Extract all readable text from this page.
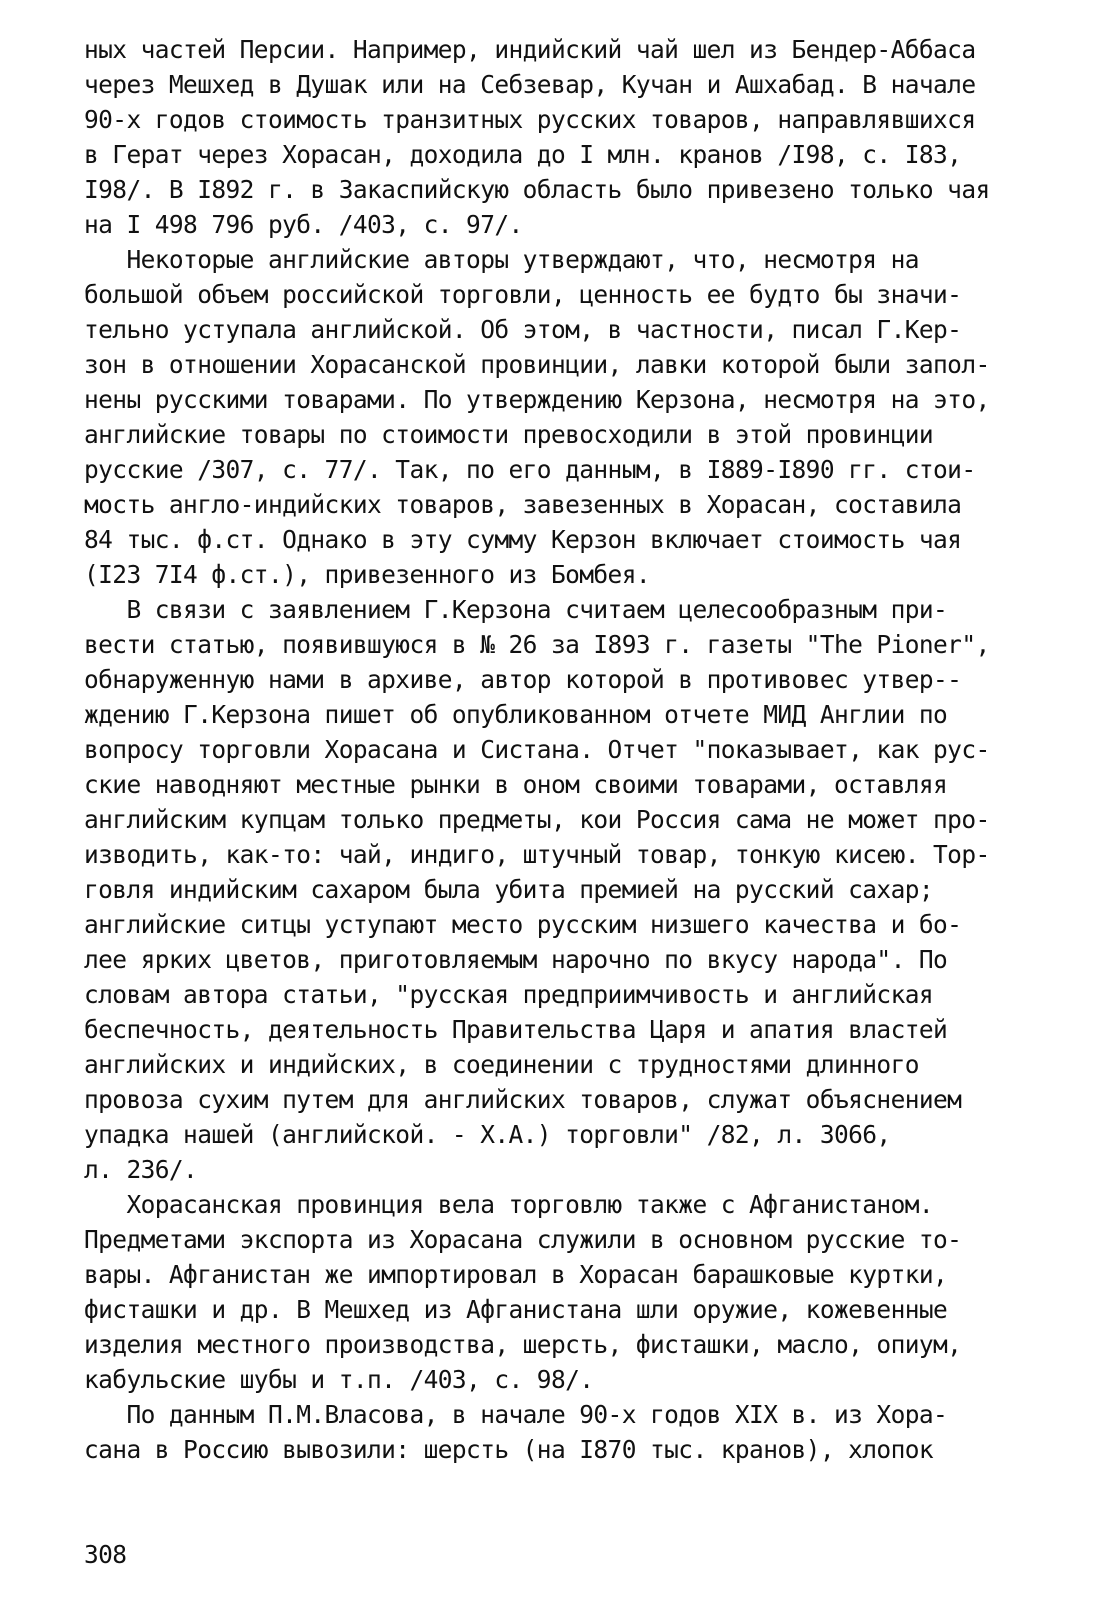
ных частей Персии. Например, индийский чай шел из Бендер-Аббаса
через Мешхед в Душак или на Себзевар, Кучан и Ашхабад. В начале
90-х годов стоимость транзитных русских товаров, направлявшихся
в Герат через Хорасан, доходила до I млн. кранов /I98, с. I83,
I98/. В I892 г. в Закаспийскую область было привезено только чая
на I 498 796 руб. /403, с. 97/.
Некоторые английские авторы утверждают, что, несмотря на
большой объем российской торговли, ценность ее будто бы значи-
тельно уступала английской. Об этом, в частности, писал Г.Кер-
зон в отношении Хорасанской провинции, лавки которой были запол-
нены русскими товарами. По утверждению Керзона, несмотря на это,
английские товары по стоимости превосходили в этой провинции
русские /307, с. 77/. Так, по его данным, в I889-I890 гг. стои-
мость англо-индийских товаров, завезенных в Хорасан, составила
84 тыс. ф.ст. Однако в эту сумму Керзон включает стоимость чая
(I23 7I4 ф.ст.), привезенного из Бомбея.
В связи с заявлением Г.Керзона считаем целесообразным при-
вести статью, появившуюся в № 26 за I893 г. газеты "The Pioner",
обнаруженную нами в архиве, автор которой в противовес утвер--
ждению Г.Керзона пишет об опубликованном отчете МИД Англии по
вопросу торговли Хорасана и Систана. Отчет "показывает, как рус-
ские наводняют местные рынки в оном своими товарами, оставляя
английским купцам только предметы, кои Россия сама не может про-
изводить, как-то: чай, индиго, штучный товар, тонкую кисею. Тор-
говля индийским сахаром была убита премией на русский сахар;
английские ситцы уступают место русским низшего качества и бо-
лее ярких цветов, приготовляемым нарочно по вкусу народа". По
словам автора статьи, "русская предприимчивость и английская
беспечность, деятельность Правительства Царя и апатия властей
английских и индийских, в соединении с трудностями длинного
провоза сухим путем для английских товаров, служат объяснением
упадка нашей (английской. - Х.А.) торговли" /82, л. 3066,
л. 236/.
Хорасанская провинция вела торговлю также с Афганистаном.
Предметами экспорта из Хорасана служили в основном русские то-
вары. Афганистан же импортировал в Хорасан барашковые куртки,
фисташки и др. В Мешхед из Афганистана шли оружие, кожевенные
изделия местного производства, шерсть, фисташки, масло, опиум,
кабульские шубы и т.п. /403, с. 98/.
По данным П.М.Власова, в начале 90-х годов XIX в. из Хора-
сана в Россию вывозили: шерсть (на I870 тыс. кранов), хлопок
308
